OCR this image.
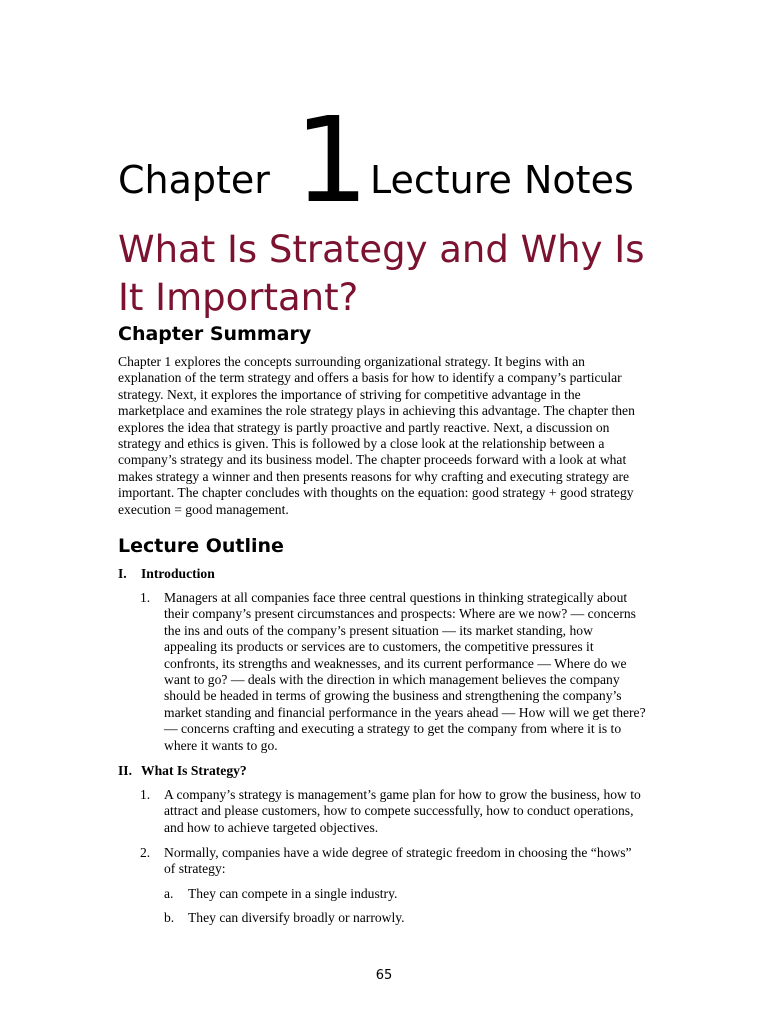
Chapter 1 Lecture Notes
What Is Strategy and Why Is It Important?
Chapter Summary
Chapter 1 explores the concepts surrounding organizational strategy. It begins with an explanation of the term strategy and offers a basis for how to identify a company’s particular strategy. Next, it explores the importance of striving for competitive advantage in the marketplace and examines the role strategy plays in achieving this advantage. The chapter then explores the idea that strategy is partly proactive and partly reactive. Next, a discussion on strategy and ethics is given. This is followed by a close look at the relationship between a company’s strategy and its business model. The chapter proceeds forward with a look at what makes strategy a winner and then presents reasons for why crafting and executing strategy are important. The chapter concludes with thoughts on the equation: good strategy + good strategy execution = good management.
Lecture Outline
I. Introduction
1. Managers at all companies face three central questions in thinking strategically about their company’s present circumstances and prospects: Where are we now? — concerns the ins and outs of the company’s present situation — its market standing, how appealing its products or services are to customers, the competitive pressures it confronts, its strengths and weaknesses, and its current performance — Where do we want to go? — deals with the direction in which management believes the company should be headed in terms of growing the business and strengthening the company’s market standing and financial performance in the years ahead — How will we get there? — concerns crafting and executing a strategy to get the company from where it is to where it wants to go.
II. What Is Strategy?
1. A company’s strategy is management’s game plan for how to grow the business, how to attract and please customers, how to compete successfully, how to conduct operations, and how to achieve targeted objectives.
2. Normally, companies have a wide degree of strategic freedom in choosing the “hows” of strategy:
a. They can compete in a single industry.
b. They can diversify broadly or narrowly.
65
